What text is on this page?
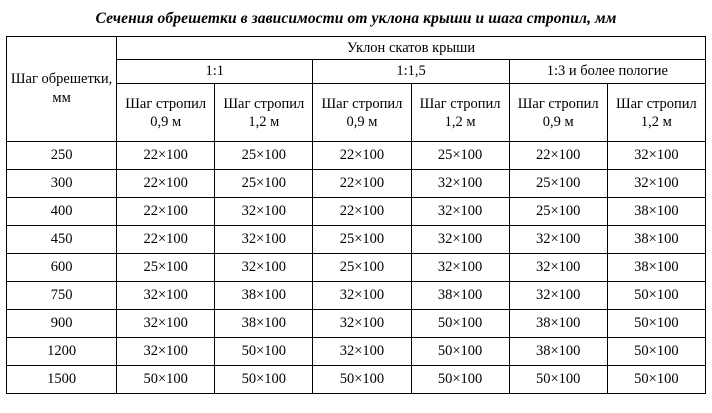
Сечения обрешетки в зависимости от уклона крыши и шага стропил, мм
Шаг обрешетки, мм	Уклон скатов крыши					
	1:1		1:1,5		1:3 и более пологие	
	Шаг стропил 0,9 м	Шаг стропил 1,2 м	Шаг стропил 0,9 м	Шаг стропил 1,2 м	Шаг стропил 0,9 м	Шаг стропил 1,2 м
250	22×100	25×100	22×100	25×100	22×100	32×100
300	22×100	25×100	22×100	32×100	25×100	32×100
400	22×100	32×100	22×100	32×100	25×100	38×100
450	22×100	32×100	25×100	32×100	32×100	38×100
600	25×100	32×100	25×100	32×100	32×100	38×100
750	32×100	38×100	32×100	38×100	32×100	50×100
900	32×100	38×100	32×100	50×100	38×100	50×100
1200	32×100	50×100	32×100	50×100	38×100	50×100
1500	50×100	50×100	50×100	50×100	50×100	50×100
